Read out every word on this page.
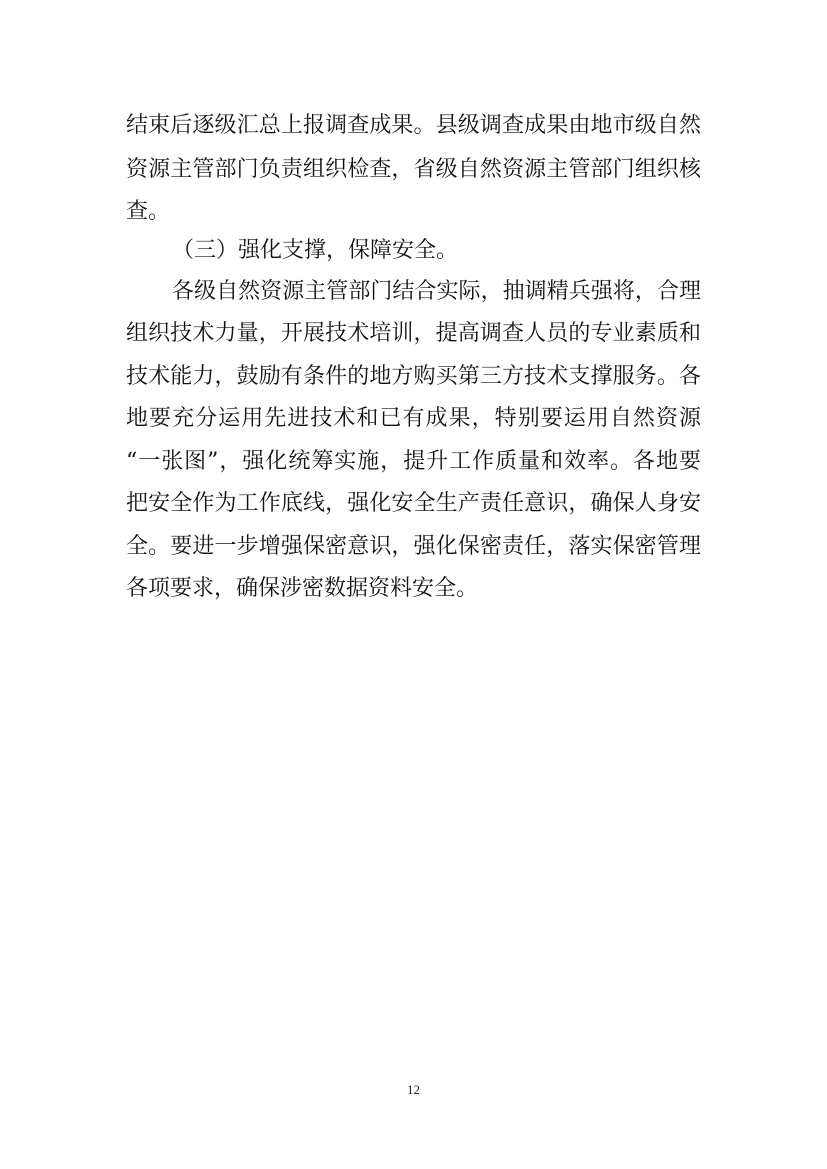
结束后逐级汇总上报调查成果。县级调查成果由地市级自然
资源主管部门负责组织检查，省级自然资源主管部门组织核
查。
（三）强化支撑，保障安全。
各级自然资源主管部门结合实际，抽调精兵强将，合理
组织技术力量，开展技术培训，提高调查人员的专业素质和
技术能力，鼓励有条件的地方购买第三方技术支撑服务。各
地要充分运用先进技术和已有成果，特别要运用自然资源
“一张图”，强化统筹实施，提升工作质量和效率。各地要
把安全作为工作底线，强化安全生产责任意识，确保人身安
全。要进一步增强保密意识，强化保密责任，落实保密管理
各项要求，确保涉密数据资料安全。
12
